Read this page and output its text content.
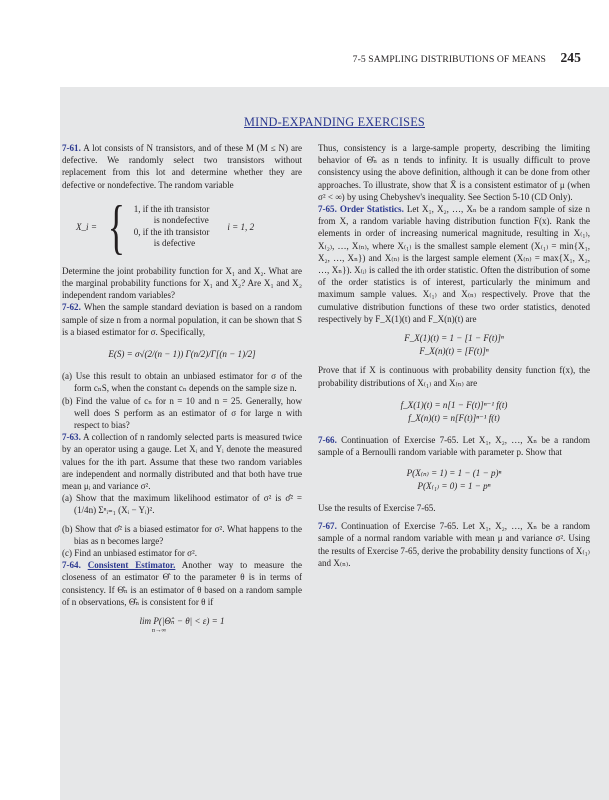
7-5 SAMPLING DISTRIBUTIONS OF MEANS 245
MIND-EXPANDING EXERCISES

7-61. A lot consists of N transistors, and of these M (M ≤ N) are defective. We randomly select two transistors without replacement from this lot and determine whether they are defective or nondefective. The random variable

X_i = { 1, if the ith transistor
is nondefective
0, if the ith transistor
is defective
i = 1, 2

Determine the joint probability function for X₁ and X₂. What are the marginal probability functions for X₁ and X₂? Are X₁ and X₂ independent random variables?

7-62. When the sample standard deviation is based on a random sample of size n from a normal population, it can be shown that S is a biased estimator for σ. Specifically,

E(S) = σ√(2/(n − 1)) Γ(n/2)/Γ[(n − 1)/2]

(a) Use this result to obtain an unbiased estimator for σ of the form cₙS, when the constant cₙ depends on the sample size n.

(b) Find the value of cₙ for n = 10 and n = 25. Generally, how well does S perform as an estimator of σ for large n with respect to bias?

7-63. A collection of n randomly selected parts is measured twice by an operator using a gauge. Let Xᵢ and Yᵢ denote the measured values for the ith part. Assume that these two random variables are independent and normally distributed and that both have true mean μᵢ and variance σ².

(a) Show that the maximum likelihood estimator of σ² is σ̂² = (1/4n) Σⁿᵢ₌₁ (Xᵢ − Yᵢ)².

(b) Show that σ̂² is a biased estimator for σ². What happens to the bias as n becomes large?

(c) Find an unbiased estimator for σ².

7-64. Consistent Estimator. Another way to measure the closeness of an estimator Θ̂ to the parameter θ is in terms of consistency. If Θ̂ₙ is an estimator of θ based on a random sample of n observations, Θ̂ₙ is consistent for θ if

lim P(|Θ̂ₙ − θ| < ε) = 1
n→∞

Thus, consistency is a large-sample property, describing the limiting behavior of Θ̂ₙ as n tends to infinity. It is usually difficult to prove consistency using the above definition, although it can be done from other approaches. To illustrate, show that X̄ is a consistent estimator of μ (when σ² < ∞) by using Chebyshev's inequality. See Section 5-10 (CD Only).

7-65. Order Statistics. Let X₁, X₂, …, Xₙ be a random sample of size n from X, a random variable having distribution function F(x). Rank the elements in order of increasing numerical magnitude, resulting in X₍₁₎, X₍₂₎, …, X₍ₙ₎, where X₍₁₎ is the smallest sample element (X₍₁₎ = min{X₁, X₂, …, Xₙ}) and X₍ₙ₎ is the largest sample element (X₍ₙ₎ = max{X₁, X₂, …, Xₙ}). X₍ᵢ₎ is called the ith order statistic. Often the distribution of some of the order statistics is of interest, particularly the minimum and maximum sample values. X₍₁₎ and X₍ₙ₎ respectively. Prove that the cumulative distribution functions of these two order statistics, denoted respectively by F_X(1)(t) and F_X(n)(t) are

F_X(1)(t) = 1 − [1 − F(t)]ⁿ
F_X(n)(t) = [F(t)]ⁿ

Prove that if X is continuous with probability density function f(x), the probability distributions of X₍₁₎ and X₍ₙ₎ are

f_X(1)(t) = n[1 − F(t)]ⁿ⁻¹ f(t)
f_X(n)(t) = n[F(t)]ⁿ⁻¹ f(t)

7-66. Continuation of Exercise 7-65. Let X₁, X₂, …, Xₙ be a random sample of a Bernoulli random variable with parameter p. Show that

P(X₍ₙ₎ = 1) = 1 − (1 − p)ⁿ
P(X₍₁₎ = 0) = 1 − pⁿ

Use the results of Exercise 7-65.

7-67. Continuation of Exercise 7-65. Let X₁, X₂, …, Xₙ be a random sample of a normal random variable with mean μ and variance σ². Using the results of Exercise 7-65, derive the probability density functions of X₍₁₎ and X₍ₙ₎.
